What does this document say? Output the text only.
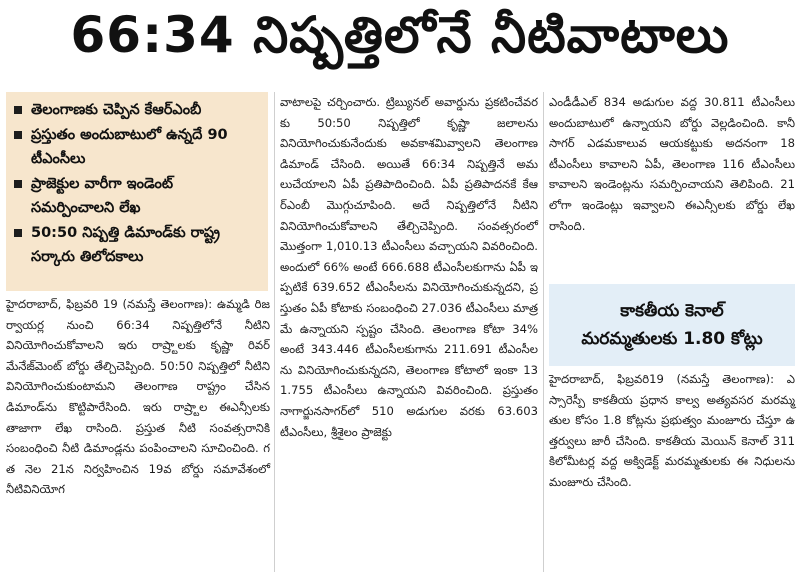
66:34 నిష్పత్తిలోనే నీటివాటాలు
తెలంగాణకు చెప్పిన కేఆర్‌ఎంబీ
ప్రస్తుతం అందుబాటులో ఉన్నదే 90 టీఎంసీలు
ప్రాజెక్టుల వారీగా ఇండెంట్ సమర్పించాలని లేఖ
50:50 నిష్పత్తి డిమాండ్‌కు రాష్ట్ర సర్కారు తిలోదకాలు
హైదరాబాద్, ఫిబ్రవరి 19 (నమస్తే తెలంగాణ): ఉమ్మడి రిజర్వాయర్ల నుంచి 66:34 నిష్పత్తిలోనే నీటిని వినియోగించుకోవాలని ఇరు రాష్ర్టాలకు కృష్ణా రివర్ మేనేజ్‌మెంట్ బోర్డు తేల్చిచెప్పింది. 50:50 నిష్పత్తిలో నీటిని వినియోగించుకుంటామని తెలంగాణ రాష్ట్రం చేసిన డిమాండ్‌ను కొట్టిపారేసింది. ఇరు రాష్ర్టాల ఈఎన్సీలకు తాజాగా లేఖ రాసింది. ప్రస్తుత నీటి సంవత్సరానికి సంబంధించి నీటి డిమాండ్లను పంపించాలని సూచించింది. గత నెల 21న నిర్వహించిన 19వ బోర్డు సమావేశంలో నీటివినియోగ
వాటాలపై చర్చించారు. ట్రిబ్యునల్ అవార్డును ప్రకటించేవరకు 50:50 నిష్పత్తిలో కృష్ణా జలాలను వినియోగించుకునేందుకు అవకాశమివ్వాలని తెలంగాణ డిమాండ్ చేసింది. అయితే 66:34 నిష్పత్తినే అమలుచేయాలని ఏపీ ప్రతిపాదించింది. ఏపీ ప్రతిపాదనకే కేఆర్ఎంబీ మొగ్గుచూపింది. అదే నిష్పత్తిలోనే నీటిని వినియోగించుకోవాలని తేల్చిచెప్పింది. సంవత్సరంలో మొత్తంగా 1,010.13 టీఎంసీలు వచ్చాయని వివరించింది. అందులో 66% అంటే 666.688 టీఎంసీలకుగాను ఏపీ ఇప్పటికే 639.652 టీఎంసీలను వినియోగించుకున్నదని, ప్రస్తుతం ఏపీ కోటాకు సంబంధించి 27.036 టీఎంసీలు మాత్రమే ఉన్నాయని స్పష్టం చేసింది. తెలంగాణ కోటా 34% అంటే 343.446 టీఎంసీలకుగాను 211.691 టీఎంసీలను వినియోగించుకున్నదని, తెలంగాణ కోటాలో ఇంకా 131.755 టీఎంసీలు ఉన్నాయని వివరించింది. ప్రస్తుతం నాగార్జునసాగర్‌లో 510 అడుగుల వరకు 63.603 టీఎంసీలు, శ్రీశైలం ప్రాజెక్టు
ఎండీడీఎల్ 834 అడుగుల వద్ద 30.811 టీఎంసీలు అందుబాటులో ఉన్నాయని బోర్డు వెల్లడించింది. కానీ సాగర్ ఎడమకాలువ ఆయకట్టుకు అదనంగా 18 టీఎంసీలు కావాలని ఏపీ, తెలంగాణ 116 టీఎంసీలు కావాలని ఇండెంట్లను సమర్పించాయని తెలిపింది. 21లోగా ఇండెంట్లు ఇవ్వాలని ఈఎన్సీలకు బోర్డు లేఖ రాసింది.
కాకతీయ కెనాల్
మరమ్మతులకు 1.80 కోట్లు
హైదరాబాద్, ఫిబ్రవరి19 (నమస్తే తెలంగాణ): ఎస్సారెస్పీ కాకతీయ ప్రధాన కాల్వ అత్యవసర మరమ్మతుల కోసం 1.8 కోట్లను ప్రభుత్వం మంజూరు చేస్తూ ఉత్తర్వులు జారీ చేసింది. కాకతీయ మెయిన్ కెనాల్ 311 కిలోమీటర్ల వద్ద అక్విడెక్ట్ మరమ్మతులకు ఈ నిధులను మంజూరు చేసింది.
